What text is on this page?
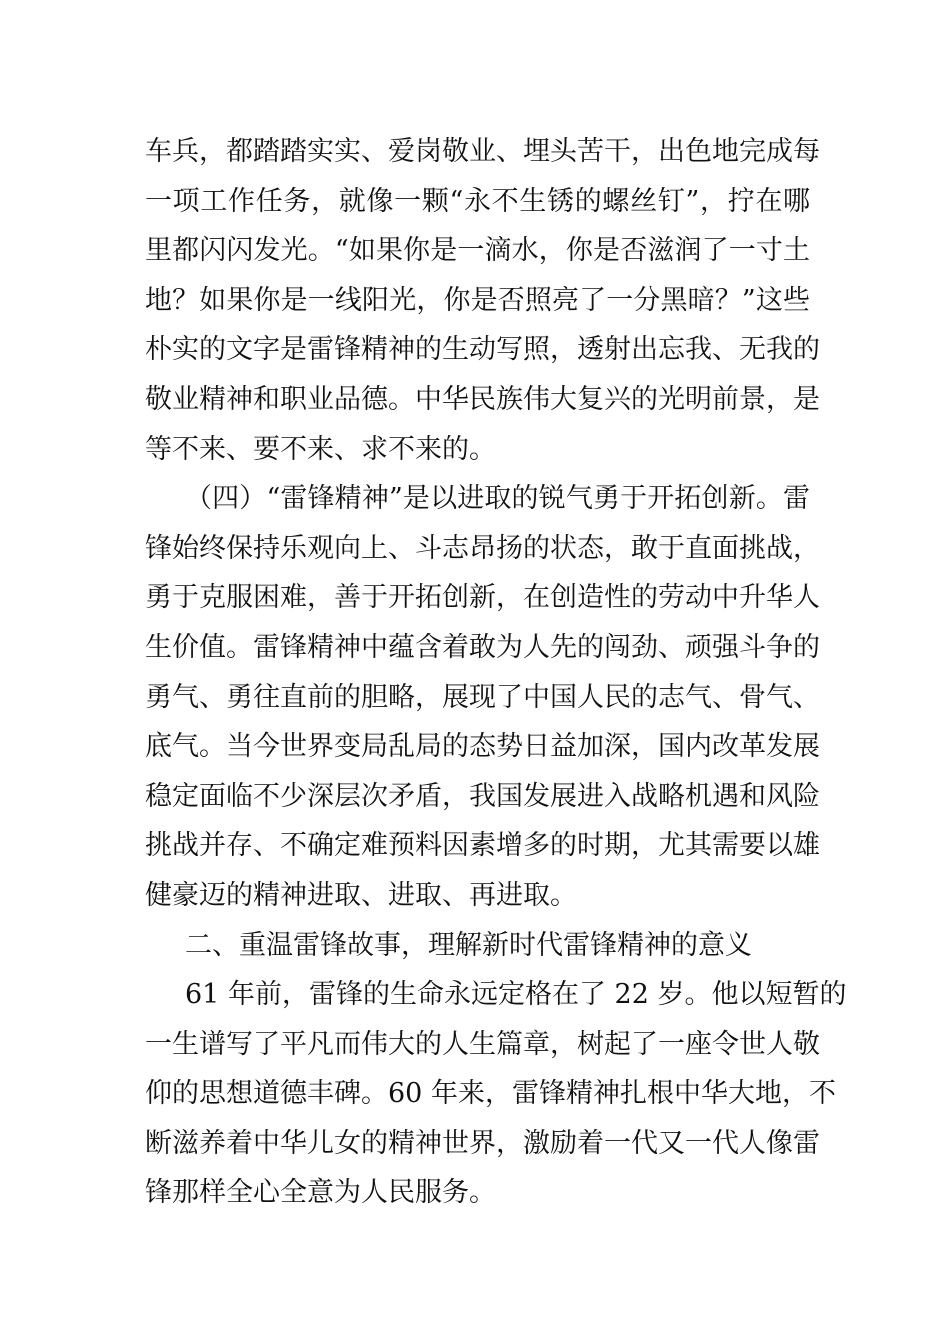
车兵，都踏踏实实、爱岗敬业、埋头苦干，出色地完成每
一项工作任务，就像一颗“永不生锈的螺丝钉”，拧在哪
里都闪闪发光。“如果你是一滴水，你是否滋润了一寸土
地？如果你是一线阳光，你是否照亮了一分黑暗？”这些
朴实的文字是雷锋精神的生动写照，透射出忘我、无我的
敬业精神和职业品德。中华民族伟大复兴的光明前景，是
等不来、要不来、求不来的。
（四）“雷锋精神”是以进取的锐气勇于开拓创新。雷
锋始终保持乐观向上、斗志昂扬的状态，敢于直面挑战，
勇于克服困难，善于开拓创新，在创造性的劳动中升华人
生价值。雷锋精神中蕴含着敢为人先的闯劲、顽强斗争的
勇气、勇往直前的胆略，展现了中国人民的志气、骨气、
底气。当今世界变局乱局的态势日益加深，国内改革发展
稳定面临不少深层次矛盾，我国发展进入战略机遇和风险
挑战并存、不确定难预料因素增多的时期，尤其需要以雄
健豪迈的精神进取、进取、再进取。
二、重温雷锋故事，理解新时代雷锋精神的意义
61 年前，雷锋的生命永远定格在了 22 岁。他以短暂的
一生谱写了平凡而伟大的人生篇章，树起了一座令世人敬
仰的思想道德丰碑。60 年来，雷锋精神扎根中华大地，不
断滋养着中华儿女的精神世界，激励着一代又一代人像雷
锋那样全心全意为人民服务。
